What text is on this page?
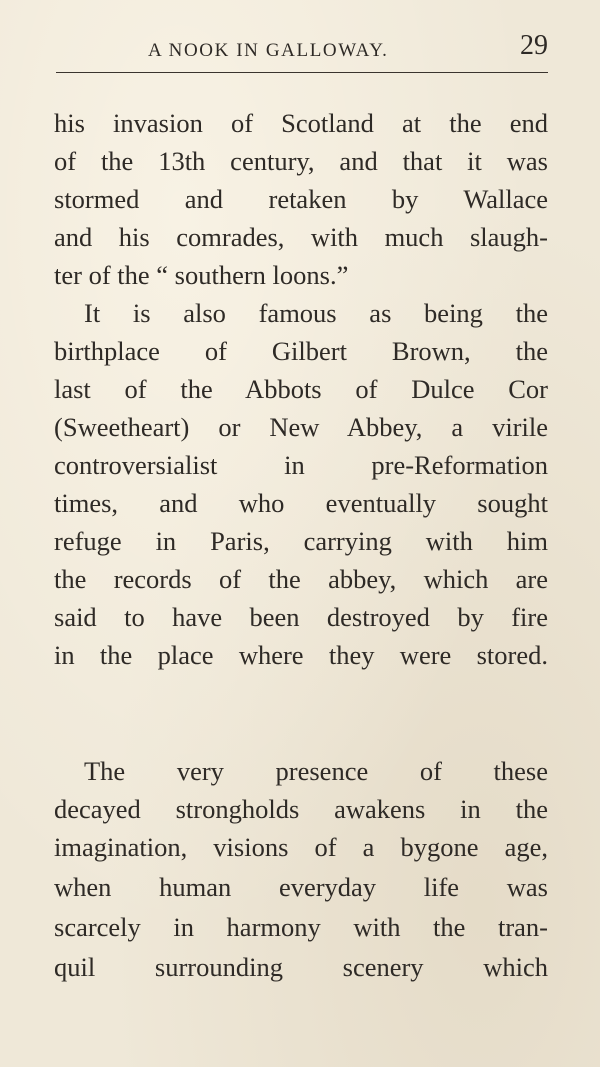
A NOOK IN GALLOWAY.	29
his invasion of Scotland at the end
of the 13th century, and that it was
stormed and retaken by Wallace
and his comrades, with much slaugh-
ter of the “ southern loons.”
It is also famous as being the
birthplace of Gilbert Brown, the
last of the Abbots of Dulce Cor
(Sweetheart) or New Abbey, a virile
controversialist in pre-Reformation
times, and who eventually sought
refuge in Paris, carrying with him
the records of the abbey, which are
said to have been destroyed by fire
in the place where they were stored.
The very presence of these
decayed strongholds awakens in the
imagination, visions of a bygone age,
when human everyday life was
scarcely in harmony with the tran-
quil surrounding scenery which
